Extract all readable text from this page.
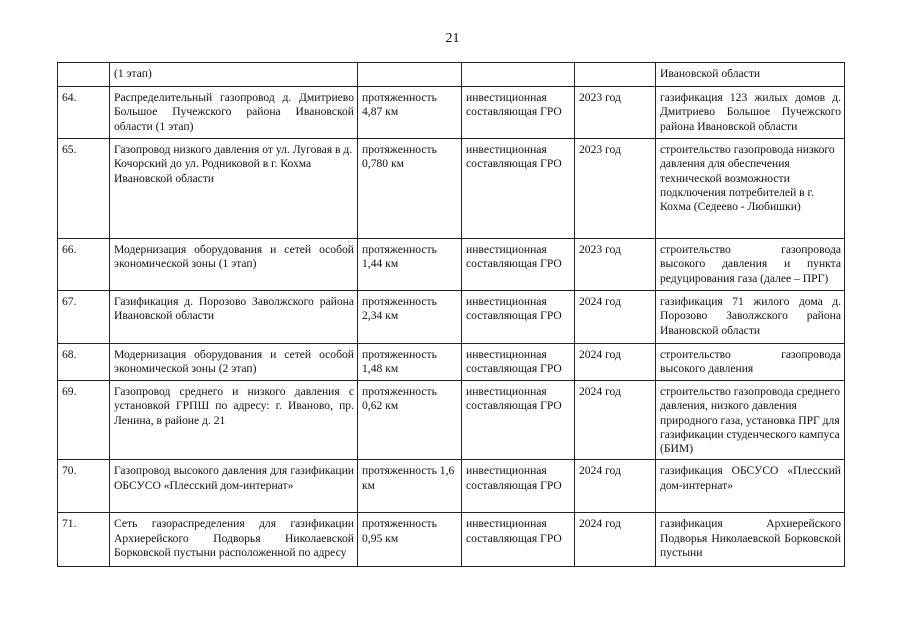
21
	(1 этап)				Ивановской области
64.	Распределительный газопровод д. Дмитриево Большое Пучежского района Ивановской области (1 этап)	протяженность 4,87 км	инвестиционная составляющая ГРО	2023 год	газификация 123 жилых домов д. Дмитриево Большое Пучежского района Ивановской области
65.	Газопровод низкого давления от ул. Луговая в д. Кочорский до ул. Родниковой в г. Кохма Ивановской области	протяженность 0,780 км	инвестиционная составляющая ГРО	2023 год	строительство газопровода низкого давления для обеспечения технической возможности подключения потребителей в г. Кохма (Седеево - Любишки)
66.	Модернизация оборудования и сетей особой экономической зоны (1 этап)	протяженность 1,44 км	инвестиционная составляющая ГРО	2023 год	строительство газопровода высокого давления и пункта редуцирования газа (далее – ПРГ)
67.	Газификация д. Порозово Заволжского района Ивановской области	протяженность 2,34 км	инвестиционная составляющая ГРО	2024 год	газификация 71 жилого дома д. Порозово Заволжского района Ивановской области
68.	Модернизация оборудования и сетей особой экономической зоны (2 этап)	протяженность 1,48 км	инвестиционная составляющая ГРО	2024 год	строительство газопровода высокого давления
69.	Газопровод среднего и низкого давления с установкой ГРПШ по адресу: г. Иваново, пр. Ленина, в районе д. 21	протяженность 0,62 км	инвестиционная составляющая ГРО	2024 год	строительство газопровода среднего давления, низкого давления природного газа, установка ПРГ для газификации студенческого кампуса (БИМ)
70.	Газопровод высокого давления для газификации ОБСУСО «Плесский дом-интернат»	протяженность 1,6 км	инвестиционная составляющая ГРО	2024 год	газификация ОБСУСО «Плесский дом-интернат»
71.	Сеть газораспределения для газификации Архиерейского Подворья Николаевской Борковской пустыни расположенной по адресу	протяженность 0,95 км	инвестиционная составляющая ГРО	2024 год	газификация Архиерейского Подворья Николаевской Борковской пустыни
